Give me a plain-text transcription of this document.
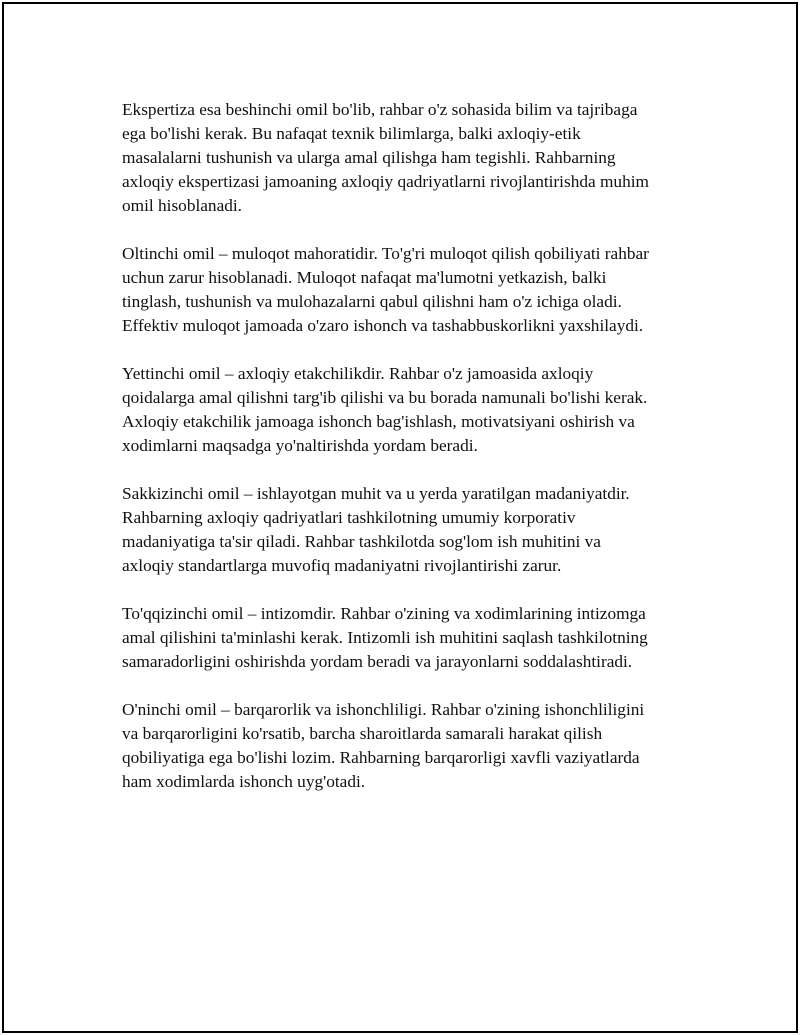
Ekspertiza esa beshinchi omil bo'lib, rahbar o'z sohasida bilim va tajribaga
ega bo'lishi kerak. Bu nafaqat texnik bilimlarga, balki axloqiy-etik
masalalarni tushunish va ularga amal qilishga ham tegishli. Rahbarning
axloqiy ekspertizasi jamoaning axloqiy qadriyatlarni rivojlantirishda muhim
omil hisoblanadi.

Oltinchi omil – muloqot mahoratidir. To'g'ri muloqot qilish qobiliyati rahbar
uchun zarur hisoblanadi. Muloqot nafaqat ma'lumotni yetkazish, balki
tinglash, tushunish va mulohazalarni qabul qilishni ham o'z ichiga oladi.
Effektiv muloqot jamoada o'zaro ishonch va tashabbuskorlikni yaxshilaydi.

Yettinchi omil – axloqiy etakchilikdir. Rahbar o'z jamoasida axloqiy
qoidalarga amal qilishni targ'ib qilishi va bu borada namunali bo'lishi kerak.
Axloqiy etakchilik jamoaga ishonch bag'ishlash, motivatsiyani oshirish va
xodimlarni maqsadga yo'naltirishda yordam beradi.

Sakkizinchi omil – ishlayotgan muhit va u yerda yaratilgan madaniyatdir.
Rahbarning axloqiy qadriyatlari tashkilotning umumiy korporativ
madaniyatiga ta'sir qiladi. Rahbar tashkilotda sog'lom ish muhitini va
axloqiy standartlarga muvofiq madaniyatni rivojlantirishi zarur.

To'qqizinchi omil – intizomdir. Rahbar o'zining va xodimlarining intizomga
amal qilishini ta'minlashi kerak. Intizomli ish muhitini saqlash tashkilotning
samaradorligini oshirishda yordam beradi va jarayonlarni soddalashtiradi.

O'ninchi omil – barqarorlik va ishonchliligi. Rahbar o'zining ishonchliligini
va barqarorligini ko'rsatib, barcha sharoitlarda samarali harakat qilish
qobiliyatiga ega bo'lishi lozim. Rahbarning barqarorligi xavfli vaziyatlarda
ham xodimlarda ishonch uyg'otadi.
